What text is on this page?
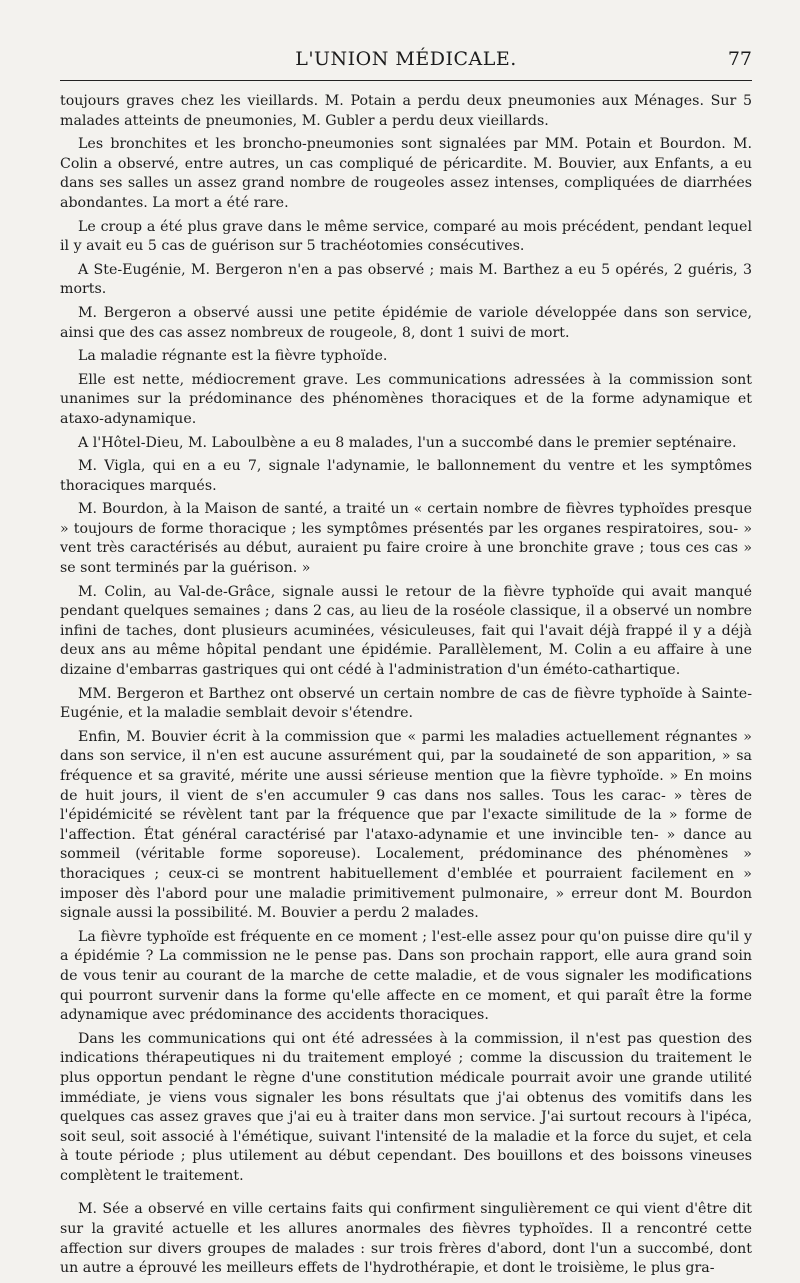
L'UNION MÉDICALE.	77

toujours graves chez les vieillards. M. Potain a perdu deux pneumonies aux Ménages. Sur 5 malades atteints de pneumonies, M. Gubler a perdu deux vieillards.

Les bronchites et les broncho-pneumonies sont signalées par MM. Potain et Bourdon. M. Colin a observé, entre autres, un cas compliqué de péricardite. M. Bouvier, aux Enfants, a eu dans ses salles un assez grand nombre de rougeoles assez intenses, compliquées de diarrhées abondantes. La mort a été rare.

Le croup a été plus grave dans le même service, comparé au mois précédent, pendant lequel il y avait eu 5 cas de guérison sur 5 trachéotomies consécutives.

A Ste-Eugénie, M. Bergeron n'en a pas observé ; mais M. Barthez a eu 5 opérés, 2 guéris, 3 morts.

M. Bergeron a observé aussi une petite épidémie de variole développée dans son service, ainsi que des cas assez nombreux de rougeole, 8, dont 1 suivi de mort.

La maladie régnante est la fièvre typhoïde.

Elle est nette, médiocrement grave. Les communications adressées à la commission sont unanimes sur la prédominance des phénomènes thoraciques et de la forme adynamique et ataxo-adynamique.

A l'Hôtel-Dieu, M. Laboulbène a eu 8 malades, l'un a succombé dans le premier septénaire.

M. Vigla, qui en a eu 7, signale l'adynamie, le ballonnement du ventre et les symptômes thoraciques marqués.

M. Bourdon, à la Maison de santé, a traité un « certain nombre de fièvres typhoïdes presque » toujours de forme thoracique ; les symptômes présentés par les organes respiratoires, sou- » vent très caractérisés au début, auraient pu faire croire à une bronchite grave ; tous ces cas » se sont terminés par la guérison. »

M. Colin, au Val-de-Grâce, signale aussi le retour de la fièvre typhoïde qui avait manqué pendant quelques semaines ; dans 2 cas, au lieu de la roséole classique, il a observé un nombre infini de taches, dont plusieurs acuminées, vésiculeuses, fait qui l'avait déjà frappé il y a déjà deux ans au même hôpital pendant une épidémie. Parallèlement, M. Colin a eu affaire à une dizaine d'embarras gastriques qui ont cédé à l'administration d'un éméto-cathartique.

MM. Bergeron et Barthez ont observé un certain nombre de cas de fièvre typhoïde à Sainte-Eugénie, et la maladie semblait devoir s'étendre.

Enfin, M. Bouvier écrit à la commission que « parmi les maladies actuellement régnantes » dans son service, il n'en est aucune assurément qui, par la soudaineté de son apparition, » sa fréquence et sa gravité, mérite une aussi sérieuse mention que la fièvre typhoïde. » En moins de huit jours, il vient de s'en accumuler 9 cas dans nos salles. Tous les carac- » tères de l'épidémicité se révèlent tant par la fréquence que par l'exacte similitude de la » forme de l'affection. État général caractérisé par l'ataxo-adynamie et une invincible ten- » dance au sommeil (véritable forme soporeuse). Localement, prédominance des phénomènes » thoraciques ; ceux-ci se montrent habituellement d'emblée et pourraient facilement en » imposer dès l'abord pour une maladie primitivement pulmonaire, » erreur dont M. Bourdon signale aussi la possibilité. M. Bouvier a perdu 2 malades.

La fièvre typhoïde est fréquente en ce moment ; l'est-elle assez pour qu'on puisse dire qu'il y a épidémie ? La commission ne le pense pas. Dans son prochain rapport, elle aura grand soin de vous tenir au courant de la marche de cette maladie, et de vous signaler les modifications qui pourront survenir dans la forme qu'elle affecte en ce moment, et qui paraît être la forme adynamique avec prédominance des accidents thoraciques.

Dans les communications qui ont été adressées à la commission, il n'est pas question des indications thérapeutiques ni du traitement employé ; comme la discussion du traitement le plus opportun pendant le règne d'une constitution médicale pourrait avoir une grande utilité immédiate, je viens vous signaler les bons résultats que j'ai obtenus des vomitifs dans les quelques cas assez graves que j'ai eu à traiter dans mon service. J'ai surtout recours à l'ipéca, soit seul, soit associé à l'émétique, suivant l'intensité de la maladie et la force du sujet, et cela à toute période ; plus utilement au début cependant. Des bouillons et des boissons vineuses complètent le traitement.

M. Sée a observé en ville certains faits qui confirment singulièrement ce qui vient d'être dit sur la gravité actuelle et les allures anormales des fièvres typhoïdes. Il a rencontré cette affection sur divers groupes de malades : sur trois frères d'abord, dont l'un a succombé, dont un autre a éprouvé les meilleurs effets de l'hydrothérapie, et dont le troisième, le plus gra-
